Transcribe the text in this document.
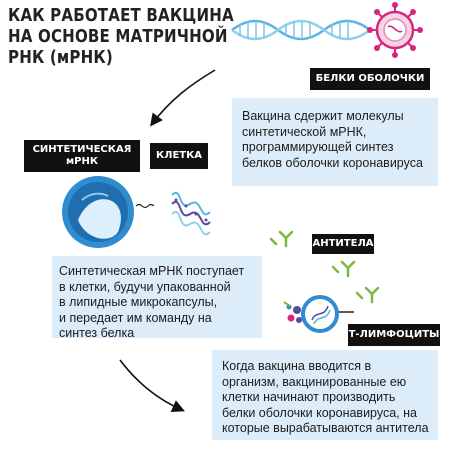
КАК РАБОТАЕТ ВАКЦИНА
НА ОСНОВЕ МАТРИЧНОЙ
РНК (мРНК)
БЕЛКИ ОБОЛОЧКИ
СИНТЕТИЧЕСКАЯ
мРНК
КЛЕТКА
АНТИТЕЛА
Т-ЛИМФОЦИТЫ
Вакцина сдержит молекулы
синтетической мРНК,
программирующей синтез
белков оболочки коронавируса
Синтетическая мРНК поступает
в клетки, будучи упакованной
в липидные микрокапсулы,
и передает им команду на
синтез белка
Когда вакцина вводится в
организм, вакцинированные ею
клетки начинают производить
белки оболочки коронавируса, на
которые вырабатываются антитела
